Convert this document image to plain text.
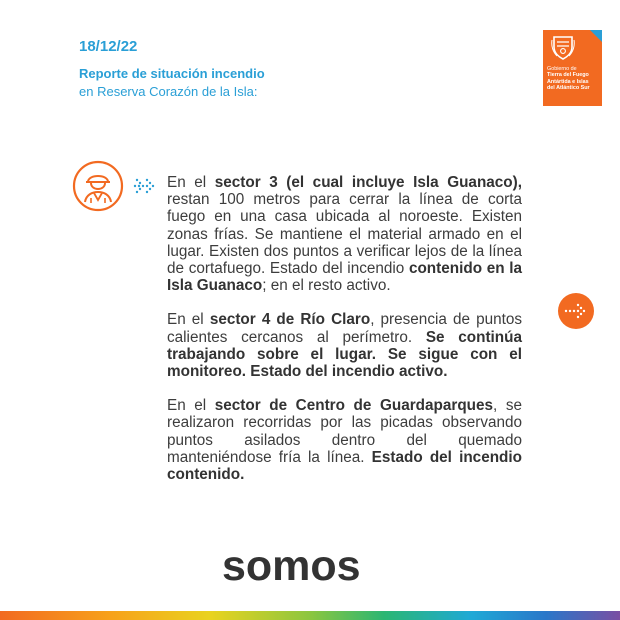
18/12/22
Reporte de situación incendio
en Reserva Corazón de la Isla:
Gobierno de
Tierra del Fuego
Antártida e Islas
del Atlántico Sur

En el sector 3 (el cual incluye Isla Guanaco), restan 100 metros para cerrar la línea de corta fuego en una casa ubicada al noroeste. Existen zonas frías. Se mantiene el material armado en el lugar. Existen dos puntos a verificar lejos de la línea de cortafuego. Estado del incendio contenido en la Isla Guanaco; en el resto activo.

En el sector 4 de Río Claro, presencia de puntos calientes cercanos al perímetro. Se continúa trabajando sobre el lugar. Se sigue con el monitoreo. Estado del incendio activo.

En el sector de Centro de Guardaparques, se realizaron recorridas por las picadas observando puntos asilados dentro del quemado manteniéndose fría la línea. Estado del incendio contenido.

somos
